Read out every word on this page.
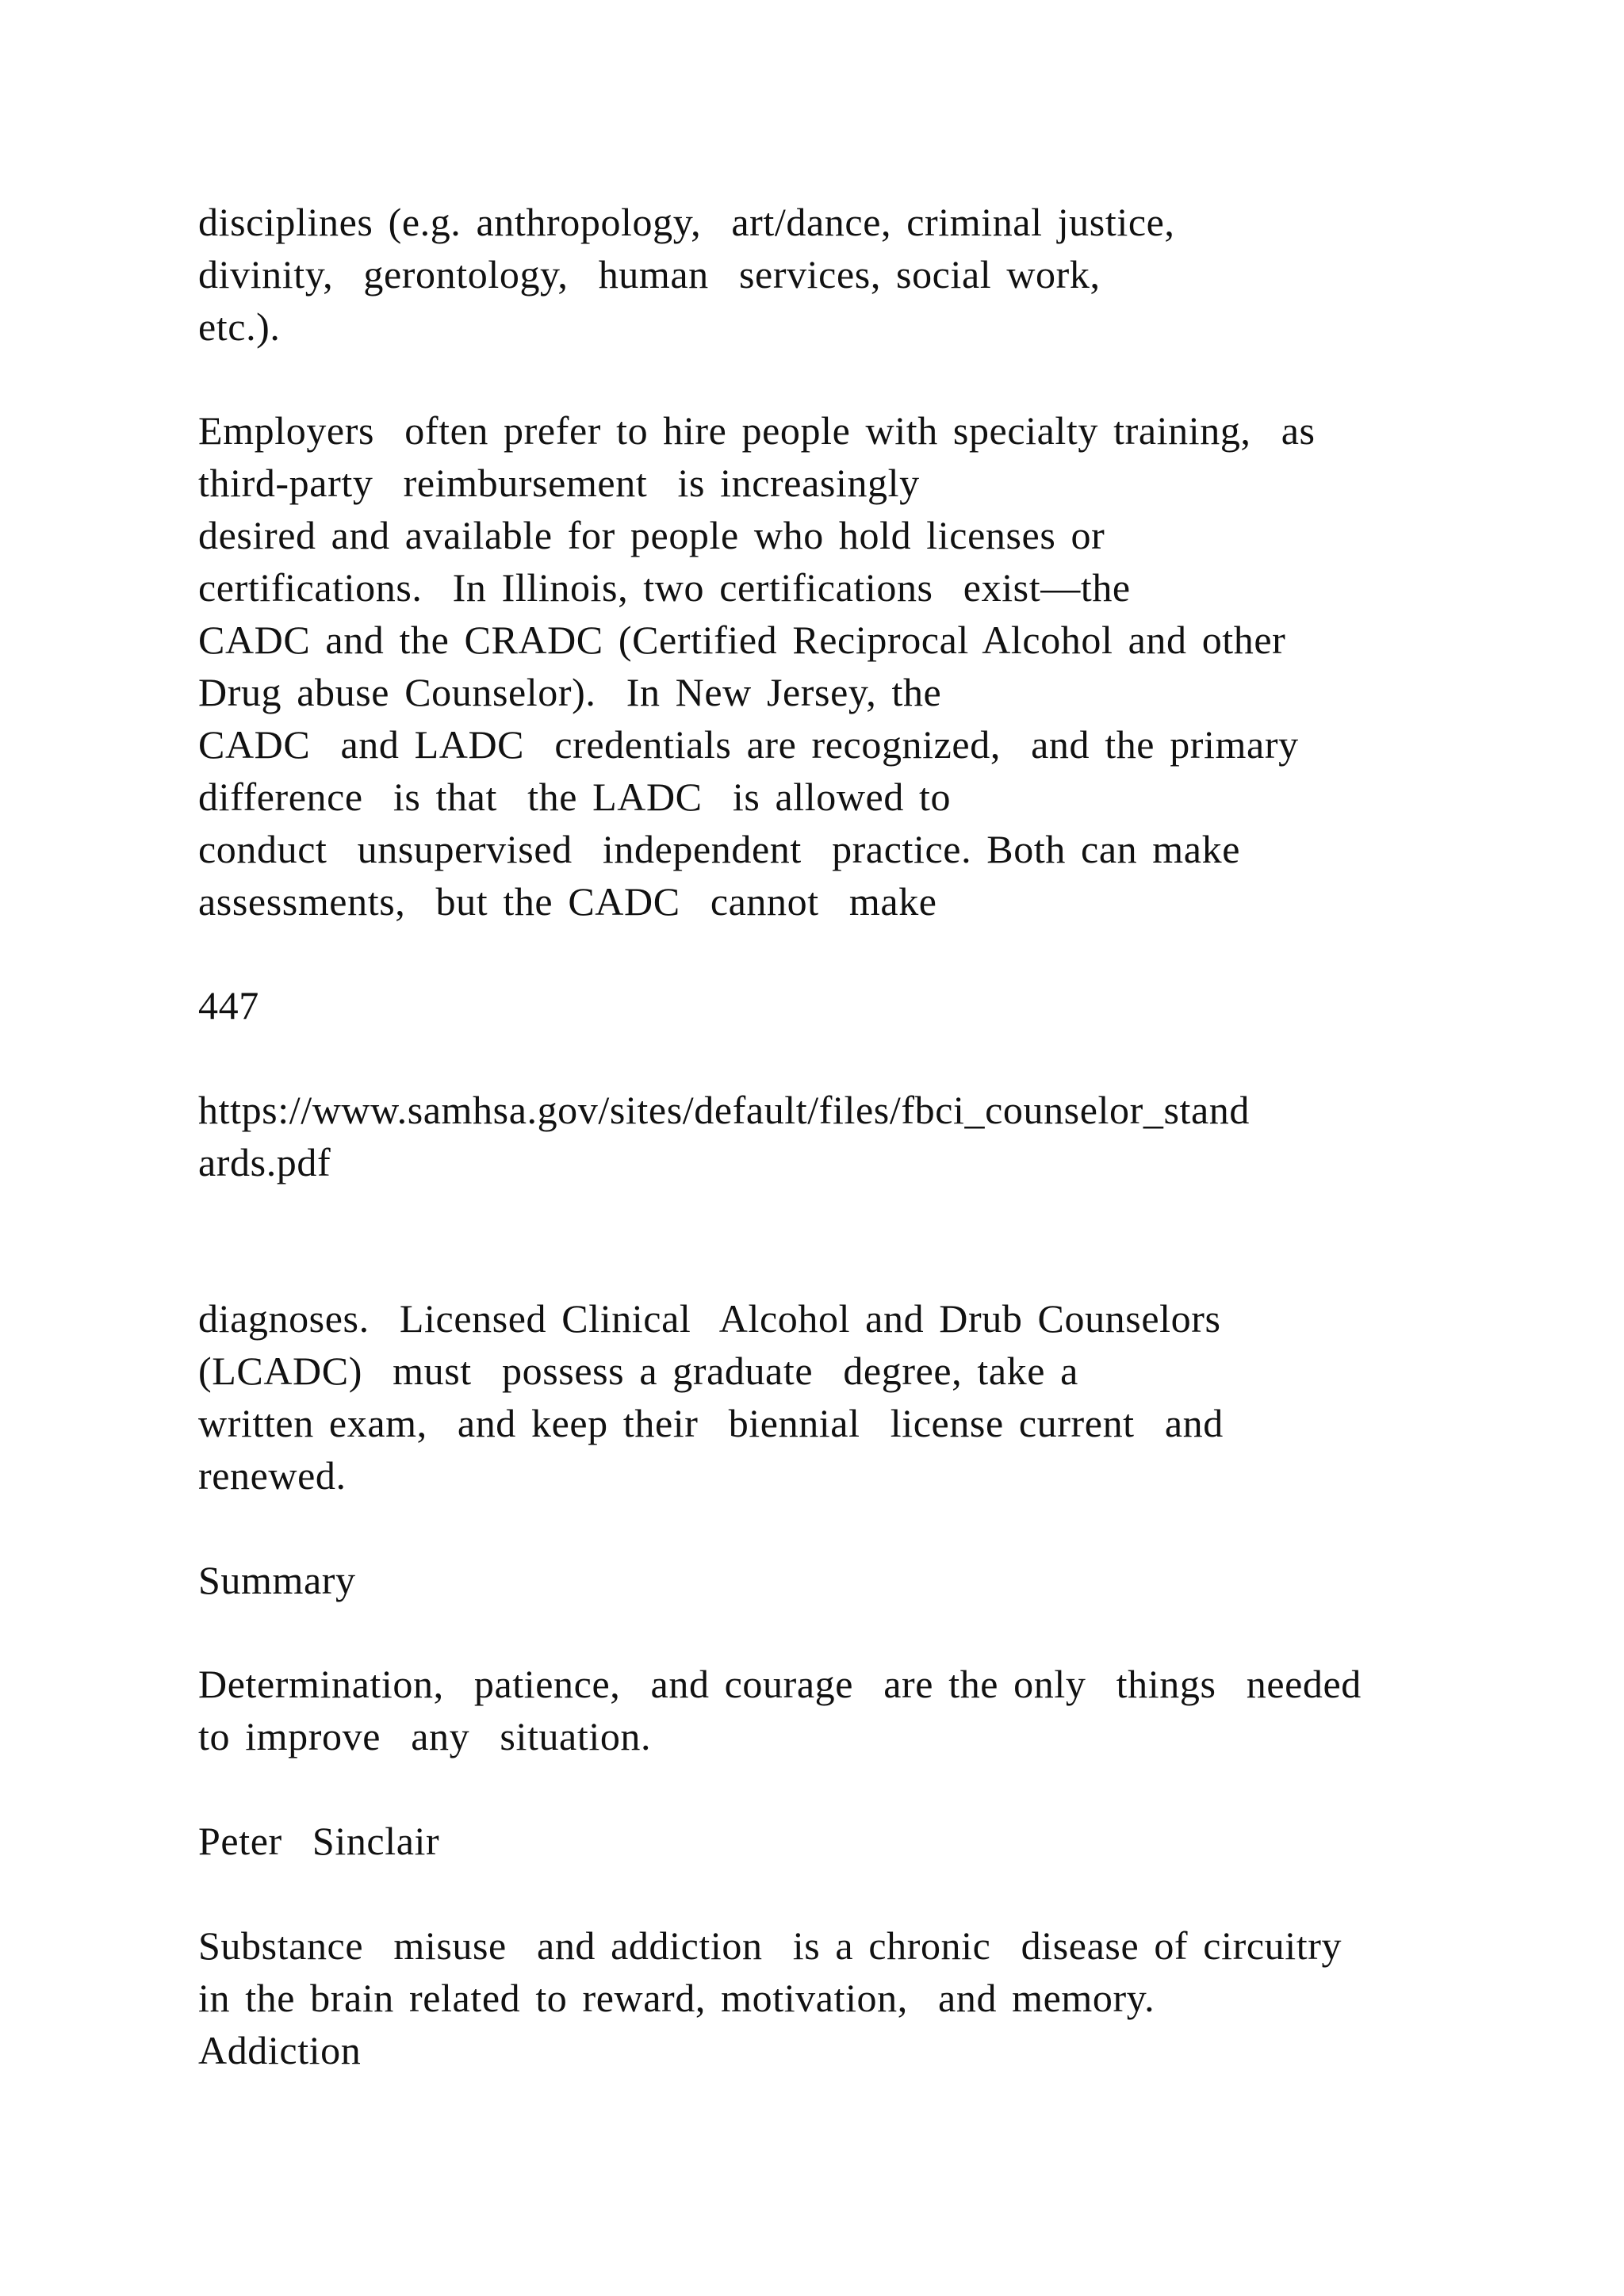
disciplines (e.g. anthropology,  art/dance, criminal justice,

divinity,  gerontology,  human  services, social work,

etc.).

Employers  often prefer to hire people with specialty training,  as

third-party  reimbursement  is increasingly

desired and available for people who hold licenses or

certifications.  In Illinois, two certifications  exist—the

CADC and the CRADC (Certified Reciprocal Alcohol and other

Drug abuse Counselor).  In New Jersey, the

CADC  and LADC  credentials are recognized,  and the primary

difference  is that  the LADC  is allowed to

conduct  unsupervised  independent  practice. Both can make

assessments,  but the CADC  cannot  make

447

https://www.samhsa.gov/sites/default/files/fbci_counselor_stand

ards.pdf

diagnoses.  Licensed Clinical  Alcohol and Drub Counselors

(LCADC)  must  possess a graduate  degree, take a

written exam,  and keep their  biennial  license current  and

renewed.

Summary

Determination,  patience,  and courage  are the only  things  needed

to improve  any  situation.

Peter  Sinclair

Substance  misuse  and addiction  is a chronic  disease of circuitry

in the brain related to reward, motivation,  and memory.

Addiction
